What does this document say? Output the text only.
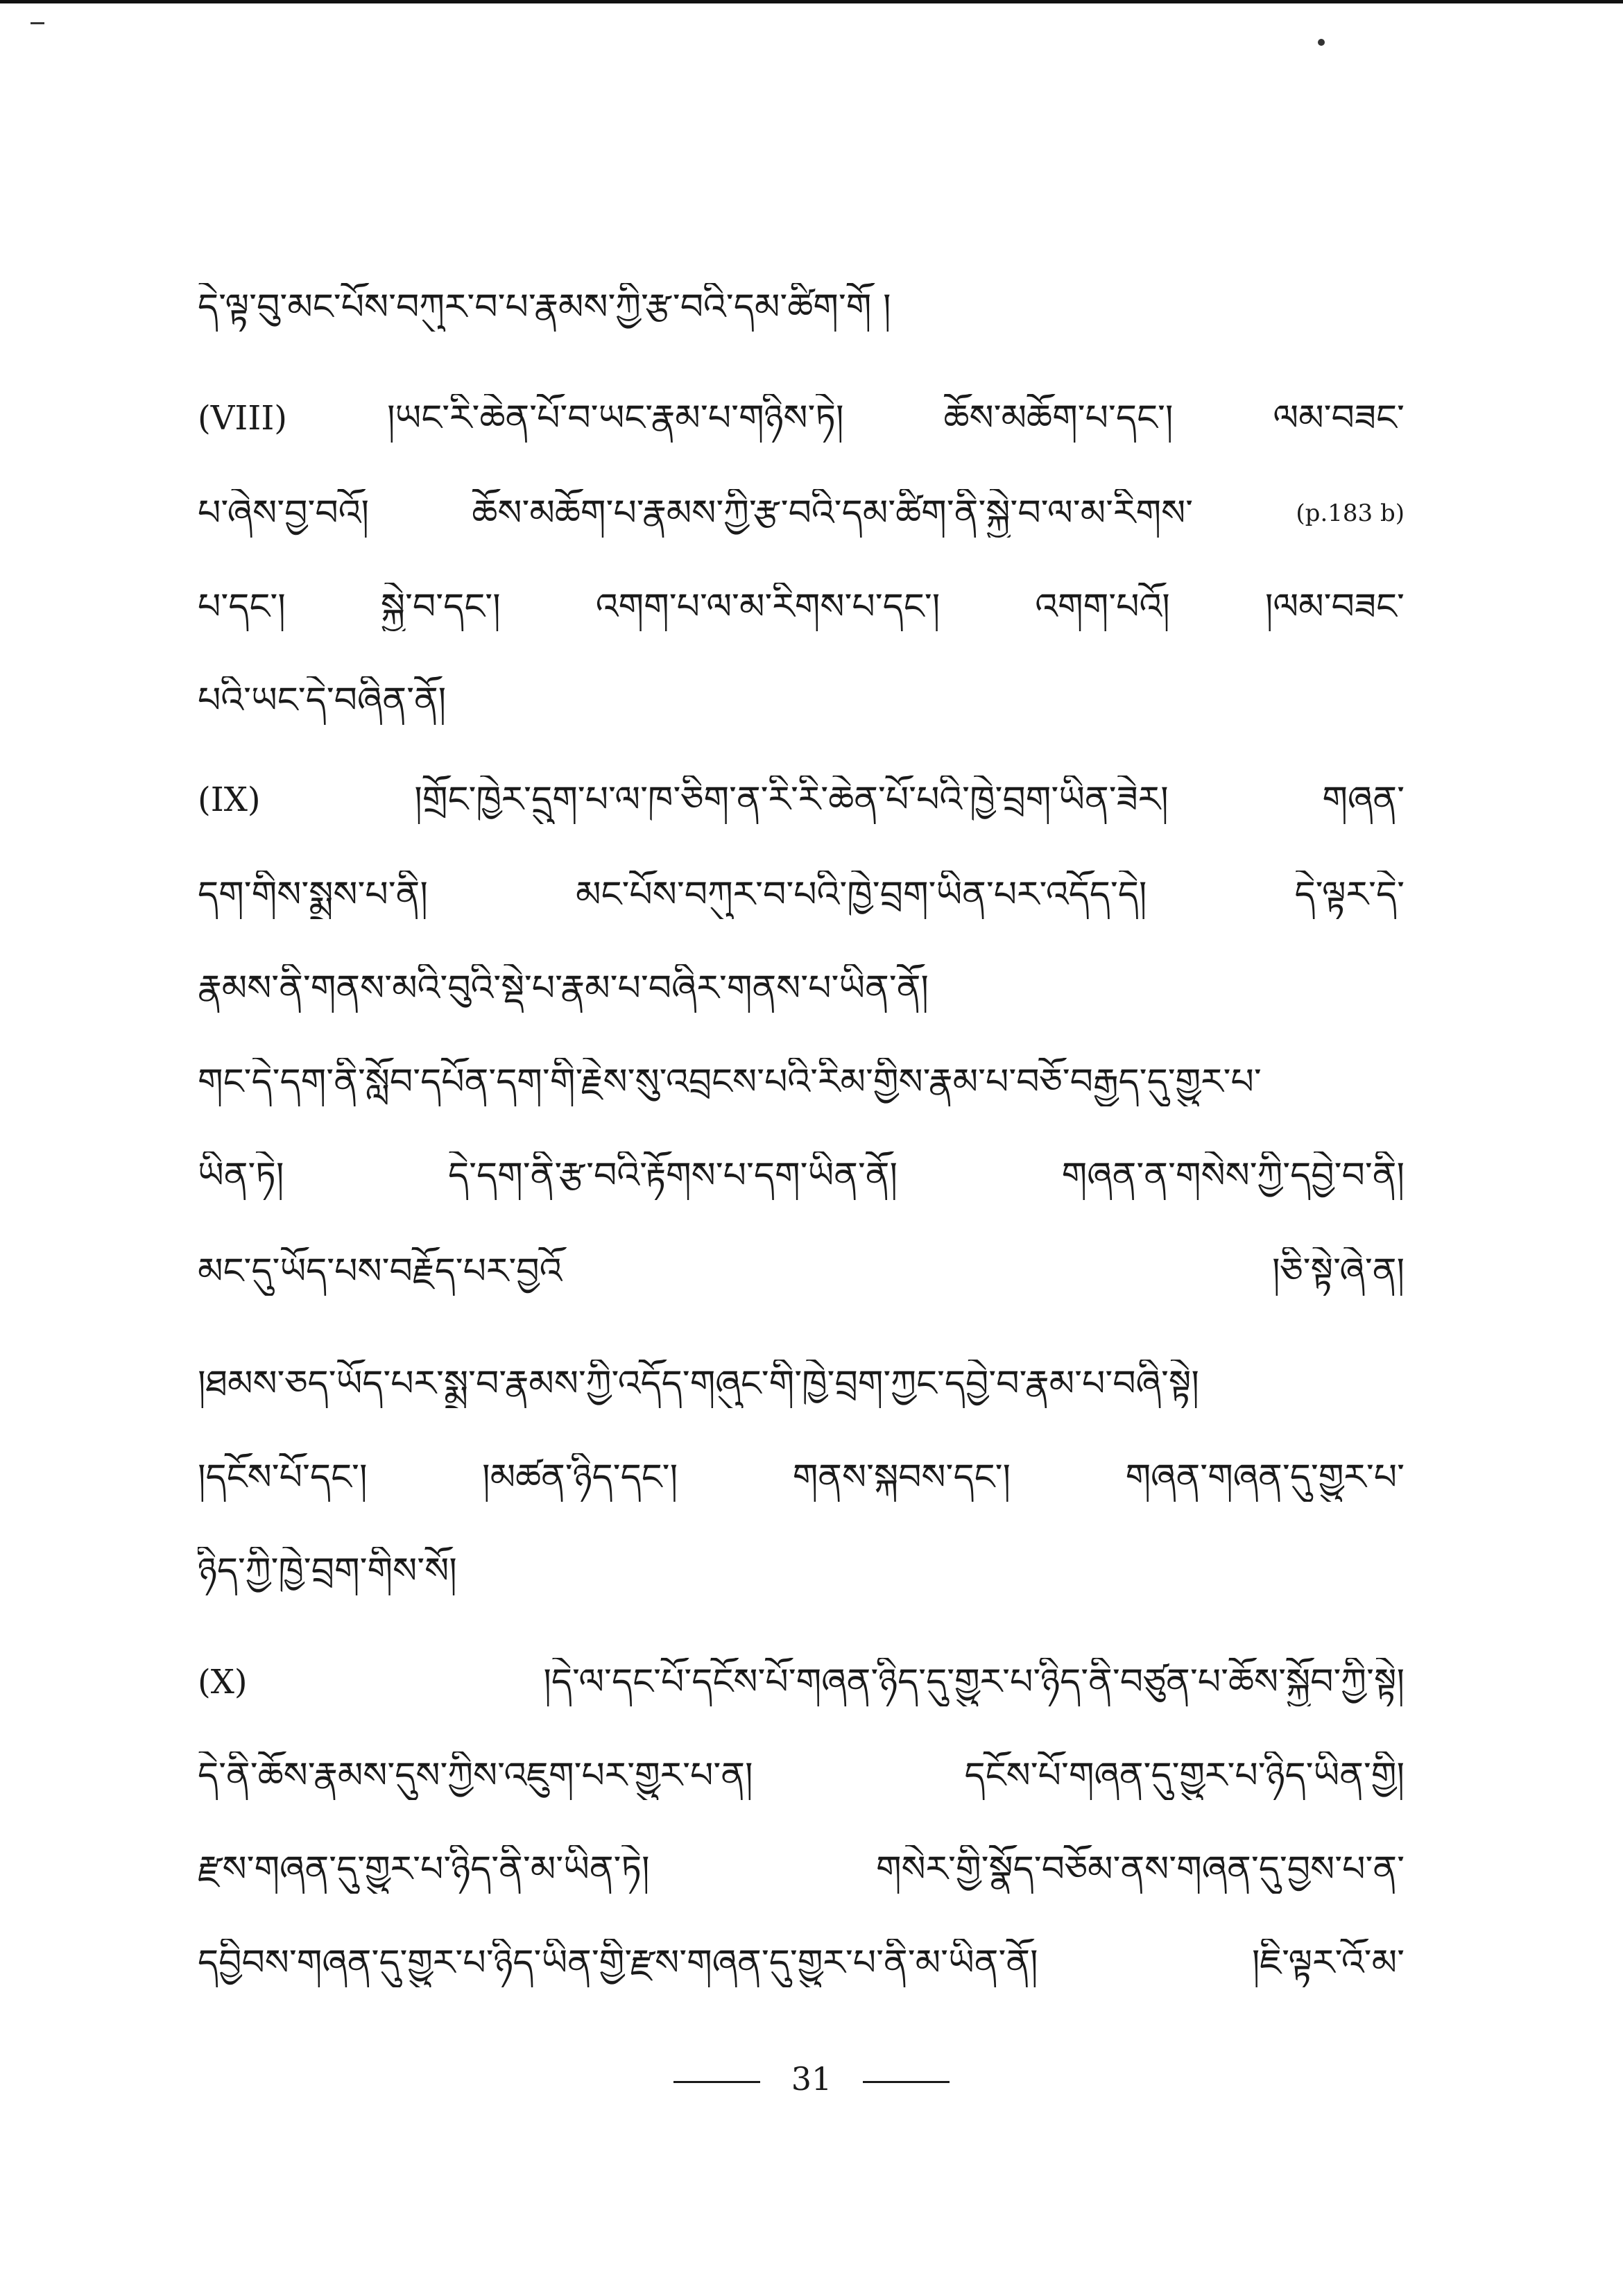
དེ་ལྟ་བུ་མང་པོས་བཀུར་བ་པ་རྣམས་ཀྱི་རྩ་བའི་དམ་ཚིག་གོ །
(VIII)	།ཡང་རི་ཆེན་པོ་བ་ཡང་རྣམ་པ་གཉིས་ཏེ།	ཆོས་མཆོག་པ་དང་།	ལམ་བཟང་
པ་ཞེས་བྱ་བའོ།	ཆོས་མཆོག་པ་རྣམས་ཀྱི་རྩ་བའི་དམ་ཚིག་ནི་སྐྱེ་བ་ལ་མ་རིགས་	(p.183 b)
པ་དང་།	སྐྱེ་བ་དང་།	འགག་པ་ལ་མ་རིགས་པ་དང་།	འགག་པའོ།	།ལམ་བཟང་
པའི་ཡང་དེ་བཞིན་ནོ།
(IX)	།གྲོང་ཁྱེར་དྲུག་པ་ལ་ཁ་ཅིག་ན་རི་རི་ཆེན་པོ་པའི་ཁྱེ་བྲག་ཡིན་ཟེར།	གཞན་
དག་གིས་སྨྲས་པ་ནི།	མང་པོས་བཀུར་བ་པའི་ཁྱེ་བྲག་ཡིན་པར་འདོད་དེ།	དེ་ལྟར་དེ་
རྣམས་ནི་གནས་མའི་བུའི་སྡེ་པ་རྣམ་པ་བཞིར་གནས་པ་ཡིན་ནོ།
གང་དེ་དག་ནི་སློབ་དཔོན་དག་གི་རྗེས་སུ་འབྲངས་པའི་རིམ་གྱིས་རྣམ་པ་བཅོ་བརྒྱད་དུ་གྱུར་པ་
ཡིན་ཏེ།	དེ་དག་ནི་རྩ་བའི་རྟོགས་པ་དག་ཡིན་ནོ།	གཞན་ན་གསེས་ཀྱི་དབྱེ་བ་ནི།
མང་དུ་ཡོད་པས་བརྗོད་པར་བྱའོ	།ཅི་སྟེ་ཞེ་ན།
།ཐམས་ཅད་ཡོད་པར་སྨྲ་བ་རྣམས་ཀྱི་འདོད་གཞུང་གི་ཁྱེ་བྲག་ཀྱང་དབྱེ་བ་རྣམ་པ་བཞི་སྟེ།
།དངོས་པོ་དང་།	།མཚན་ཉིད་དང་།	གནས་སྐབས་དང་།	གཞན་གཞན་དུ་གྱུར་པ་
ཉིད་ཀྱི་ཁྱེ་བྲག་གིས་སོ།
(X)	།དེ་ལ་དང་པོ་དངོས་པོ་གཞན་ཉིད་དུ་གྱུར་པ་ཉིད་ནི་བཙུན་པ་ཆོས་སྐྱོབ་ཀྱི་སྟེ།
དེ་ནི་ཆོས་རྣམས་དུས་ཀྱིས་འཇུག་པར་གྱུར་པ་ན།	དངོས་པོ་གཞན་དུ་གྱུར་པ་ཉིད་ཡིན་གྱི།
རྫས་གཞན་དུ་གྱུར་པ་ཉིད་ནི་མ་ཡིན་ཏེ།	གསེར་གྱི་སྣོད་བཅོམ་ནས་གཞན་དུ་བྱས་པ་ན་
དབྱིབས་གཞན་དུ་གྱུར་པ་ཉིད་ཡིན་གྱི་རྫས་གཞན་དུ་གྱུར་པ་ནི་མ་ཡིན་ནོ།	།ཇི་ལྟར་འོ་མ་
31
